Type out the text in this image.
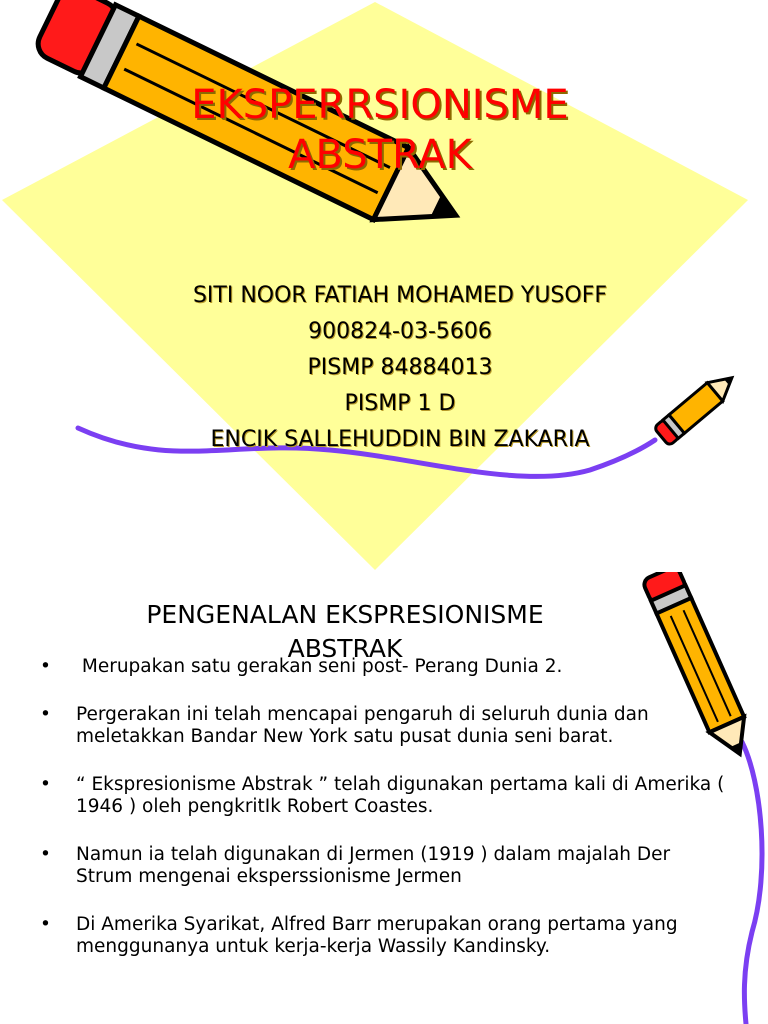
EKSPERRSIONISME
ABSTRAK
SITI NOOR FATIAH MOHAMED YUSOFF
900824-03-5606
PISMP 84884013
PISMP 1 D
ENCIK SALLEHUDDIN BIN ZAKARIA
PENGENALAN EKSPRESIONISME
ABSTRAK
• Merupakan satu gerakan seni post- Perang Dunia 2.
• Pergerakan ini telah mencapai pengaruh di seluruh dunia dan meletakkan Bandar New York satu pusat dunia seni barat.
• “ Ekspresionisme Abstrak ” telah digunakan pertama kali di Amerika ( 1946 ) oleh pengkritIk Robert Coastes.
• Namun ia telah digunakan di Jermen (1919 ) dalam majalah Der Strum mengenai eksperssionisme Jermen
• Di Amerika Syarikat, Alfred Barr merupakan orang pertama yang menggunanya untuk kerja-kerja Wassily Kandinsky.
